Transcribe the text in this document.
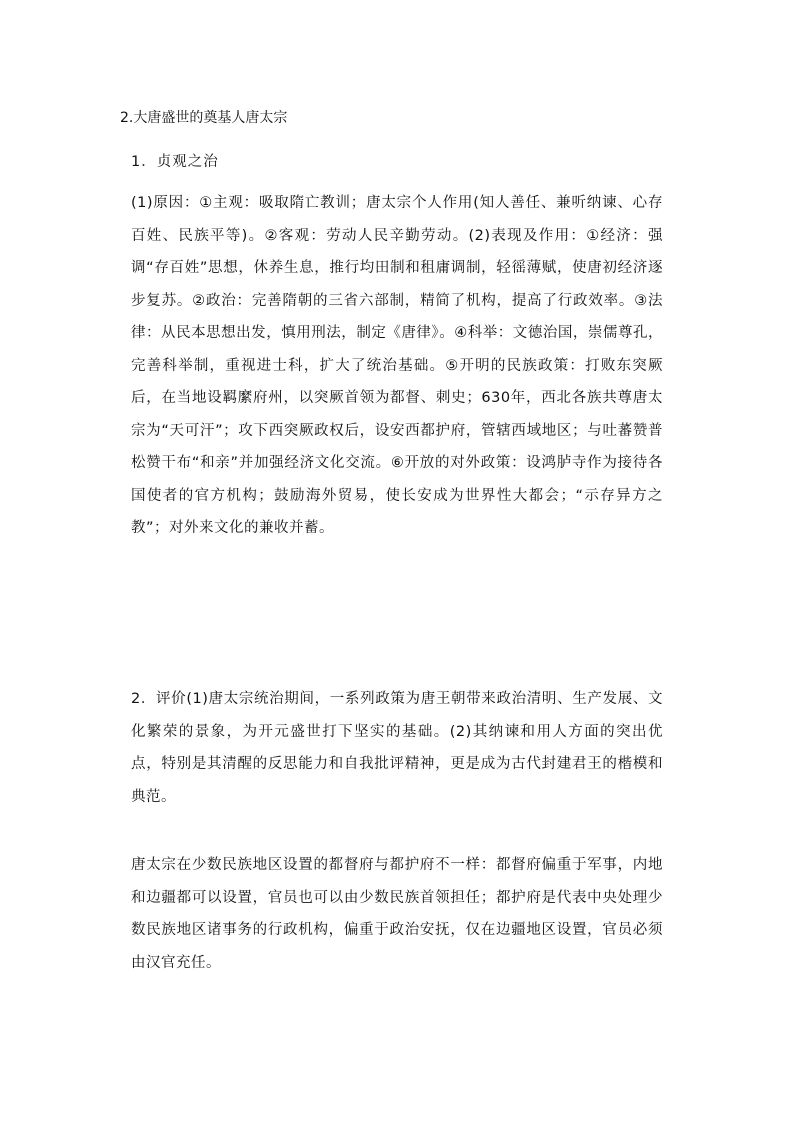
2.大唐盛世的奠基人唐太宗

1．贞观之治

(1)原因：①主观：吸取隋亡教训；唐太宗个人作用(知人善任、兼听纳谏、心存百姓、民族平等)。②客观：劳动人民辛勤劳动。(2)表现及作用：①经济：强调“存百姓”思想，休养生息，推行均田制和租庸调制，轻徭薄赋，使唐初经济逐步复苏。②政治：完善隋朝的三省六部制，精简了机构，提高了行政效率。③法律：从民本思想出发，慎用刑法，制定《唐律》。④科举：文德治国，崇儒尊孔，完善科举制，重视进士科，扩大了统治基础。⑤开明的民族政策：打败东突厥后，在当地设羁縻府州，以突厥首领为都督、刺史；630年，西北各族共尊唐太宗为“天可汗”；攻下西突厥政权后，设安西都护府，管辖西域地区；与吐蕃赞普松赞干布“和亲”并加强经济文化交流。⑥开放的对外政策：设鸿胪寺作为接待各国使者的官方机构；鼓励海外贸易，使长安成为世界性大都会；“示存异方之教”；对外来文化的兼收并蓄。

2．评价(1)唐太宗统治期间，一系列政策为唐王朝带来政治清明、生产发展、文化繁荣的景象，为开元盛世打下坚实的基础。(2)其纳谏和用人方面的突出优点，特别是其清醒的反思能力和自我批评精神，更是成为古代封建君王的楷模和典范。

唐太宗在少数民族地区设置的都督府与都护府不一样：都督府偏重于军事，内地和边疆都可以设置，官员也可以由少数民族首领担任；都护府是代表中央处理少数民族地区诸事务的行政机构，偏重于政治安抚，仅在边疆地区设置，官员必须由汉官充任。
